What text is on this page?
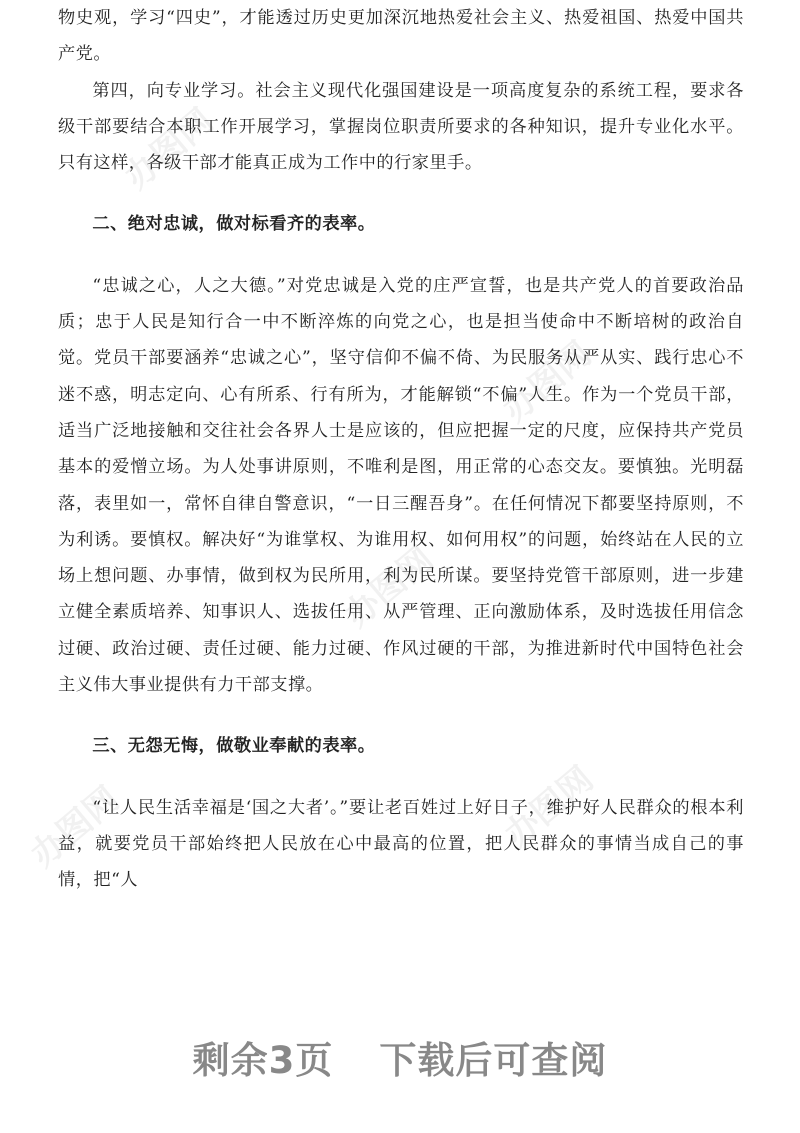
办图网
办图网
办图网
办图网
办图网

物史观，学习“四史”，才能透过历史更加深沉地热爱社会主义、热爱祖国、热爱中国共产党。

第四，向专业学习。社会主义现代化强国建设是一项高度复杂的系统工程，要求各级干部要结合本职工作开展学习，掌握岗位职责所要求的各种知识，提升专业化水平。只有这样，各级干部才能真正成为工作中的行家里手。

二、绝对忠诚，做对标看齐的表率。

“忠诚之心，人之大德。”对党忠诚是入党的庄严宣誓，也是共产党人的首要政治品质；忠于人民是知行合一中不断淬炼的向党之心，也是担当使命中不断培树的政治自觉。党员干部要涵养“忠诚之心”，坚守信仰不偏不倚、为民服务从严从实、践行忠心不迷不惑，明志定向、心有所系、行有所为，才能解锁“不偏”人生。作为一个党员干部，适当广泛地接触和交往社会各界人士是应该的，但应把握一定的尺度，应保持共产党员基本的爱憎立场。为人处事讲原则，不唯利是图，用正常的心态交友。要慎独。光明磊落，表里如一，常怀自律自警意识，“一日三醒吾身”。在任何情况下都要坚持原则，不为利诱。要慎权。解决好“为谁掌权、为谁用权、如何用权”的问题，始终站在人民的立场上想问题、办事情，做到权为民所用，利为民所谋。要坚持党管干部原则，进一步建立健全素质培养、知事识人、选拔任用、从严管理、正向激励体系，及时选拔任用信念过硬、政治过硬、责任过硬、能力过硬、作风过硬的干部，为推进新时代中国特色社会主义伟大事业提供有力干部支撑。

三、无怨无悔，做敬业奉献的表率。

“让人民生活幸福是‘国之大者’。”要让老百姓过上好日子，维护好人民群众的根本利益，就要党员干部始终把人民放在心中最高的位置，把人民群众的事情当成自己的事情，把“人

剩余3页 下载后可查阅
